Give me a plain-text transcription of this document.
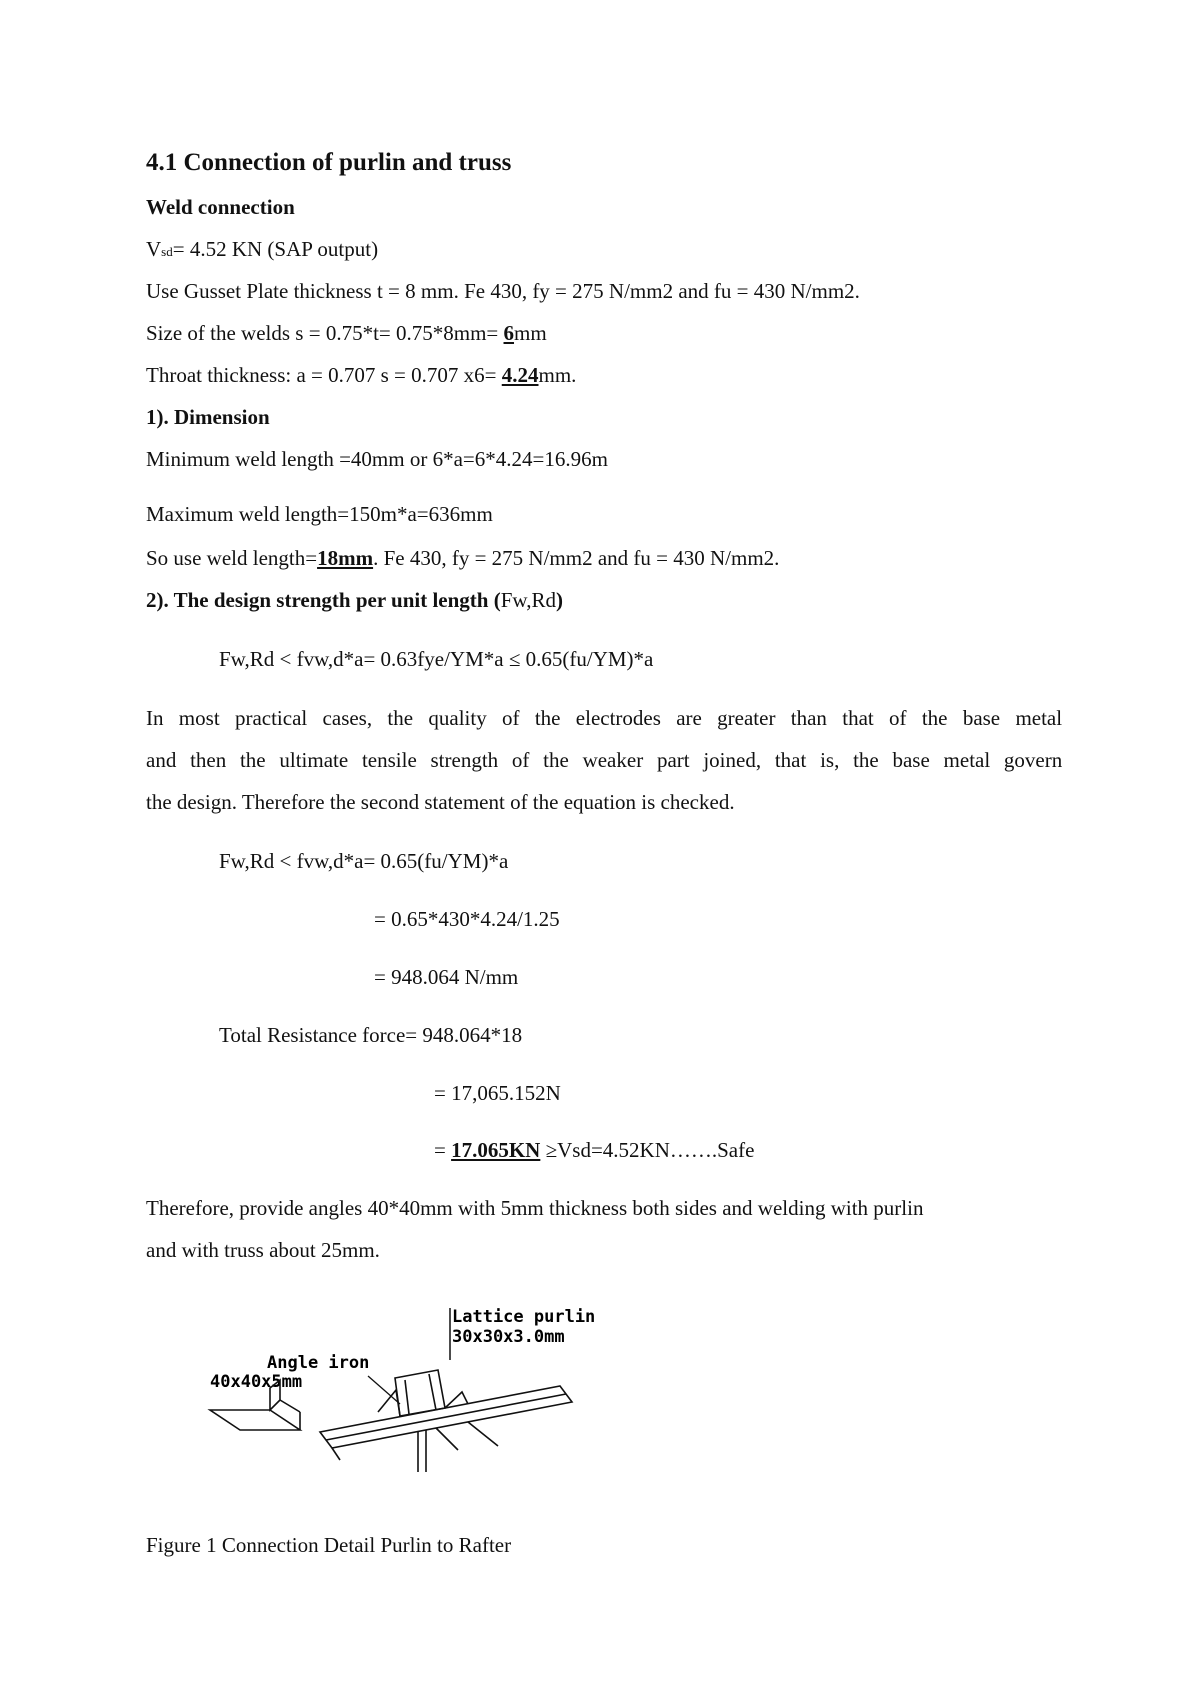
4.1 Connection of purlin and truss
Weld connection
Vsd= 4.52 KN (SAP output)
Use Gusset Plate thickness t = 8 mm. Fe 430, fy = 275 N/mm2 and fu = 430 N/mm2.
Size of the welds s = 0.75*t= 0.75*8mm= 6mm
Throat thickness: a = 0.707 s = 0.707 x6= 4.24mm.
1). Dimension
Minimum weld length =40mm or 6*a=6*4.24=16.96m
Maximum weld length=150m*a=636mm
So use weld length=18mm. Fe 430, fy = 275 N/mm2 and fu = 430 N/mm2.
2). The design strength per unit length (Fw,Rd)
Fw,Rd < fvw,d*a= 0.63fye/YM*a ≤ 0.65(fu/YM)*a
In most practical cases, the quality of the electrodes are greater than that of the base metal
and then the ultimate tensile strength of the weaker part joined, that is, the base metal govern
the design. Therefore the second statement of the equation is checked.
Fw,Rd < fvw,d*a= 0.65(fu/YM)*a
= 0.65*430*4.24/1.25
= 948.064 N/mm
Total Resistance force= 948.064*18
= 17,065.152N
= 17.065KN ≥Vsd=4.52KN…….Safe
Therefore, provide angles 40*40mm with 5mm thickness both sides and welding with purlin
and with truss about 25mm.
Lattice purlin
30x30x3.0mm
Angle iron
40x40x5mm
Figure 1 Connection Detail Purlin to Rafter
